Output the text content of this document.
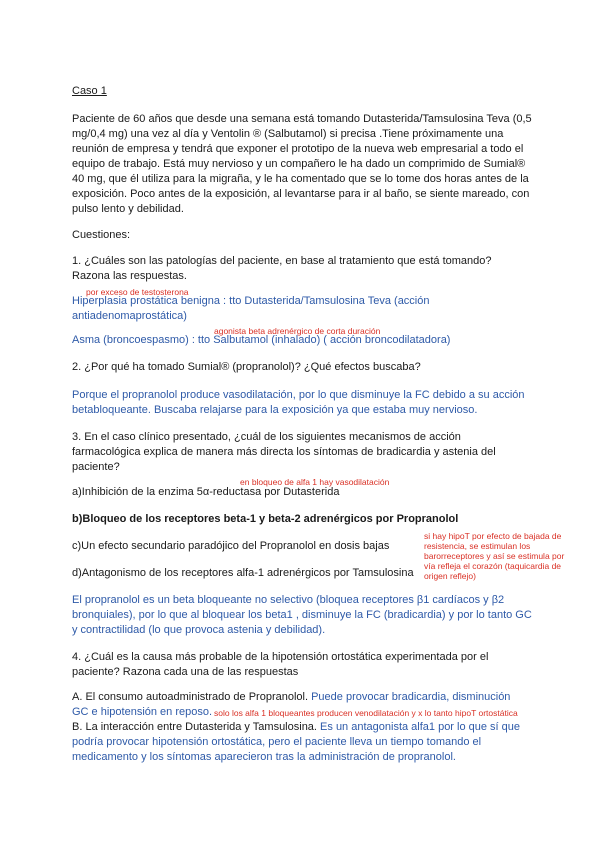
Caso 1
Paciente de 60 años que desde una semana está tomando Dutasterida/Tamsulosina Teva (0,5 mg/0,4 mg) una vez al día y Ventolin ® (Salbutamol) si precisa .Tiene próximamente una reunión de empresa y tendrá que exponer el prototipo de la nueva web empresarial a todo el equipo de trabajo. Está muy nervioso y un compañero le ha dado un comprimido de Sumial® 40 mg, que él utiliza para la migraña, y le ha comentado que se lo tome dos horas antes de la exposición. Poco antes de la exposición, al levantarse para ir al baño, se siente mareado, con pulso lento y debilidad.
Cuestiones:
1. ¿Cuáles son las patologías del paciente, en base al tratamiento que está tomando? Razona las respuestas.
por exceso de testosterona
Hiperplasia prostática benigna : tto Dutasterida/Tamsulosina Teva (acción antiadenomaprostática)
agonista beta adrenérgico de corta duración
Asma (broncoespasmo) : tto Salbutamol (inhalado) ( acción broncodilatadora)
2. ¿Por qué ha tomado Sumial® (propranolol)? ¿Qué efectos buscaba?
Porque el propranolol produce vasodilatación, por lo que disminuye la FC debido a su acción betabloqueante. Buscaba relajarse para la exposición ya que estaba muy nervioso.
3. En el caso clínico presentado, ¿cuál de los siguientes mecanismos de acción farmacológica explica de manera más directa los síntomas de bradicardia y astenia del paciente?
en bloqueo de alfa 1 hay vasodilatación
a)Inhibición de la enzima 5α-reductasa por Dutasterida
b)Bloqueo de los receptores beta-1 y beta-2 adrenérgicos por Propranolol
c)Un efecto secundario paradójico del Propranolol en dosis bajas
si hay hipoT por efecto de bajada de resistencia, se estimulan los barorreceptores y así se estimula por vía refleja el corazón (taquicardia de origen reflejo)
d)Antagonismo de los receptores alfa-1 adrenérgicos por Tamsulosina
El propranolol es un beta bloqueante no selectivo (bloquea receptores β1 cardíacos y β2 bronquiales), por lo que al bloquear los beta1 , disminuye la FC (bradicardia) y por lo tanto GC y contractilidad (lo que provoca astenia y debilidad).
4. ¿Cuál es la causa más probable de la hipotensión ortostática experimentada por el paciente? Razona cada una de las respuestas
A. El consumo autoadministrado de Propranolol. Puede provocar bradicardia, disminución
GC e hipotensión en reposo. solo los alfa 1 bloqueantes producen venodilatación y x lo tanto hipoT ortostática
B. La interacción entre Dutasterida y Tamsulosina. Es un antagonista alfa1 por lo que sí que podría provocar hipotensión ortostática, pero el paciente lleva un tiempo tomando el medicamento y los síntomas aparecieron tras la administración de propranolol.
